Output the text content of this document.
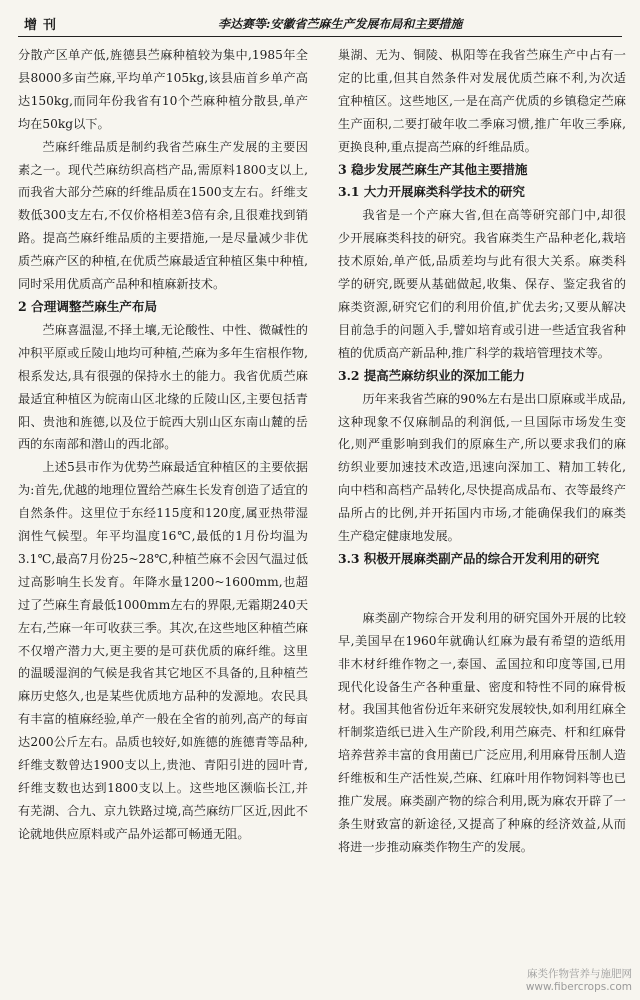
增刊	李达赛等:安徽省苎麻生产发展布局和主要措施

分散产区单产低,旌德县苎麻种植较为集中,1985年全县8000多亩苎麻,平均单产105kg,该县庙首乡单产高达150kg,而同年份我省有10个苎麻种植分散县,单产均在50kg以下。

苎麻纤维品质是制约我省苎麻生产发展的主要因素之一。现代苎麻纺织高档产品,需原料1800支以上,而我省大部分苎麻的纤维品质在1500支左右。纤维支数低300支左右,不仅价格相差3倍有余,且很难找到销路。提高苎麻纤维品质的主要措施,一是尽量减少非优质苎麻产区的种植,在优质苎麻最适宜种植区集中种植,同时采用优质高产品种和植麻新技术。

2 合理调整苎麻生产布局

苎麻喜温湿,不择土壤,无论酸性、中性、微碱性的冲积平原或丘陵山地均可种植,苎麻为多年生宿根作物,根系发达,具有很强的保持水土的能力。我省优质苎麻最适宜种植区为皖南山区北缘的丘陵山区,主要包括青阳、贵池和旌德,以及位于皖西大别山区东南山麓的岳西的东南部和潜山的西北部。

上述5县市作为优势苎麻最适宜种植区的主要依据为:首先,优越的地理位置给苎麻生长发育创造了适宜的自然条件。这里位于东经115度和120度,属亚热带湿润性气候型。年平均温度16℃,最低的1月份均温为3.1℃,最高7月份25~28℃,种植苎麻不会因气温过低过高影响生长发育。年降水量1200~1600mm,也超过了苎麻生育最低1000mm左右的界限,无霜期240天左右,苎麻一年可收获三季。其次,在这些地区种植苎麻不仅增产潜力大,更主要的是可获优质的麻纤维。这里的温暖湿润的气候是我省其它地区不具备的,且种植苎麻历史悠久,也是某些优质地方品种的发源地。农民具有丰富的植麻经验,单产一般在全省的前列,高产的每亩达200公斤左右。品质也较好,如旌德的旌德青等品种,纤维支数曾达1900支以上,贵池、青阳引进的园叶青,纤维支数也达到1800支以上。这些地区濒临长江,并有芜湖、合九、京九铁路过境,高苎麻纺厂区近,因此不论就地供应原料或产品外运都可畅通无阻。

巢湖、无为、铜陵、枞阳等在我省苎麻生产中占有一定的比重,但其自然条件对发展优质苎麻不利,为次适宜种植区。这些地区,一是在高产优质的乡镇稳定苎麻生产面积,二要打破年收二季麻习惯,推广年收三季麻,更换良种,重点提高苎麻的纤维品质。

3 稳步发展苎麻生产其他主要措施

3.1 大力开展麻类科学技术的研究

我省是一个产麻大省,但在高等研究部门中,却很少开展麻类科技的研究。我省麻类生产品种老化,栽培技术原始,单产低,品质差均与此有很大关系。麻类科学的研究,既要从基础做起,收集、保存、鉴定我省的麻类资源,研究它们的利用价值,扩优去劣;又要从解决目前急手的问题入手,譬如培育或引进一些适宜我省种植的优质高产新品种,推广科学的栽培管理技术等。

3.2 提高苎麻纺织业的深加工能力

历年来我省苎麻的90%左右是出口原麻或半成品,这种现象不仅麻制品的利润低,一旦国际市场发生变化,则严重影响到我们的原麻生产,所以要求我们的麻纺织业要加速技术改造,迅速向深加工、精加工转化,向中档和高档产品转化,尽快提高成品布、衣等最终产品所占的比例,并开拓国内市场,才能确保我们的麻类生产稳定健康地发展。

3.3 积极开展麻类副产品的综合开发利用的研究

麻类副产物综合开发利用的研究国外开展的比较早,美国早在1960年就确认红麻为最有希望的造纸用非木材纤维作物之一,泰国、孟国拉和印度等国,已用现代化设备生产各种重量、密度和特性不同的麻骨板材。我国其他省份近年来研究发展较快,如利用红麻全杆制浆造纸已进入生产阶段,利用苎麻壳、杆和红麻骨培养营养丰富的食用菌已广泛应用,利用麻骨压制人造纤维板和生产活性炭,苎麻、红麻叶用作物饲料等也已推广发展。麻类副产物的综合利用,既为麻农开辟了一条生财致富的新途径,又提高了种麻的经济效益,从而将进一步推动麻类作物生产的发展。

麻类作物营养与施肥网
www.fibercrops.com
